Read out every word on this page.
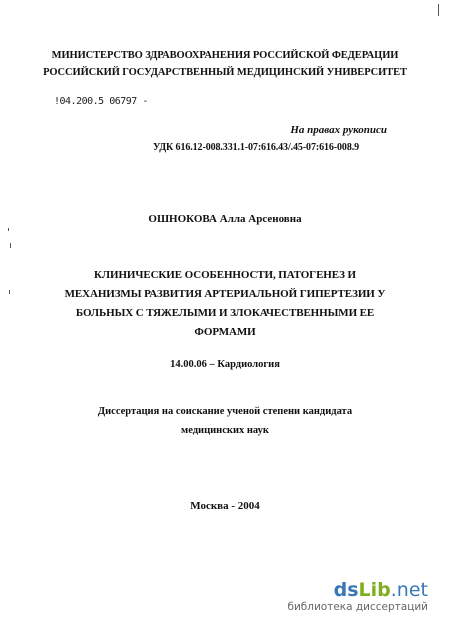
МИНИСТЕРСТВО ЗДРАВООХРАНЕНИЯ РОССИЙСКОЙ ФЕДЕРАЦИИ
РОССИЙСКИЙ ГОСУДАРСТВЕННЫЙ МЕДИЦИНСКИЙ УНИВЕРСИТЕТ
!04.200.5 06797 -
На правах рукописи
УДК 616.12-008.331.1-07:616.43/.45-07:616-008.9
ОШНОКОВА Алла Арсеновна
КЛИНИЧЕСКИЕ ОСОБЕННОСТИ, ПАТОГЕНЕЗ И
МЕХАНИЗМЫ РАЗВИТИЯ АРТЕРИАЛЬНОЙ ГИПЕРТЕЗИИ У
БОЛЬНЫХ С ТЯЖЕЛЫМИ И ЗЛОКАЧЕСТВЕННЫМИ ЕЕ
ФОРМАМИ
14.00.06 – Кардиология
Диссертация на соискание ученой степени кандидата
медицинских наук
Москва - 2004
dsLib.net
библиотека диссертаций
